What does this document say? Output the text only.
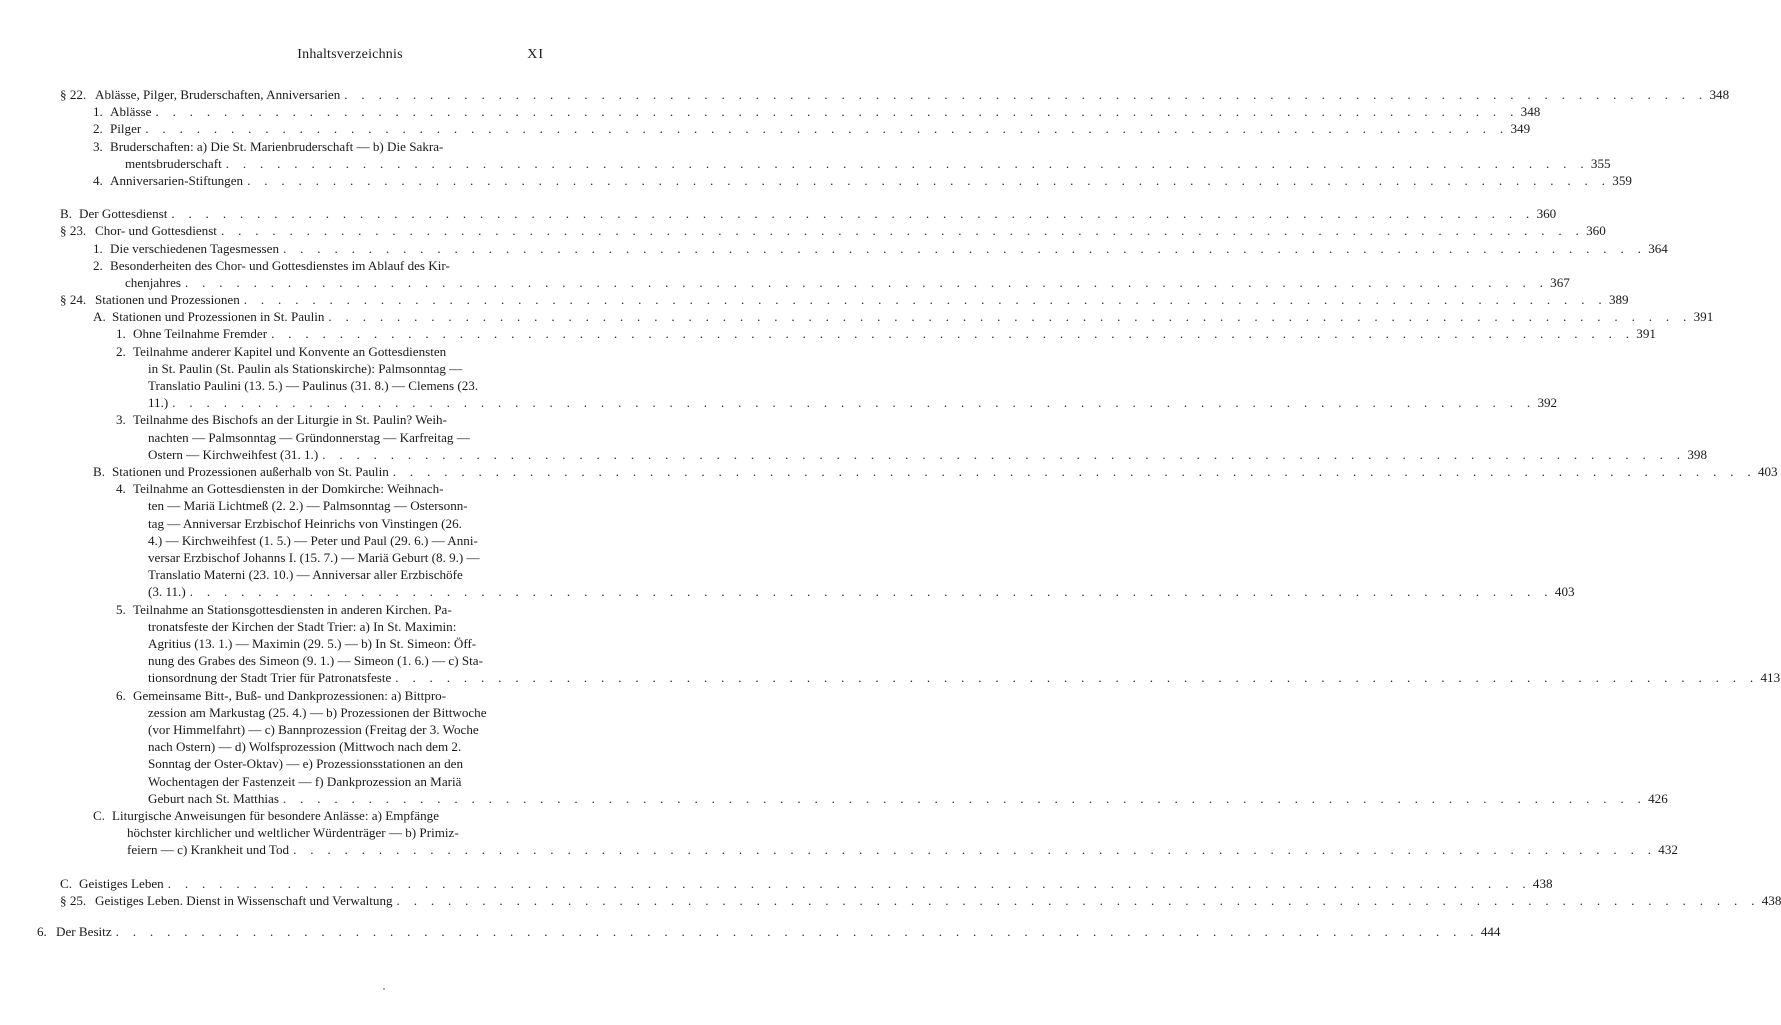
Inhaltsverzeichnis	XI
§ 22. Ablässe, Pilger, Bruderschaften, Anniversarien . . . . . . . . . . . . . . . . . . . . . . . . . . . . . . . . . . . . . . . . . . . . . . . . . . . . . . . . . . . . . . . . . . . . . . . . . . . . . . . . 348
1. Ablässe . . . . . . . . . . . . . . . . . . . . . . . . . . . . . . . . . . . . . . . . . . . . . . . . . . . . . . . . . . . . . . . . . . . . . . . . . . . . . . . . 348
2. Pilger . . . . . . . . . . . . . . . . . . . . . . . . . . . . . . . . . . . . . . . . . . . . . . . . . . . . . . . . . . . . . . . . . . . . . . . . . . . . . . . . 349
3. Bruderschaften: a) Die St. Marienbruderschaft — b) Die Sakra-
mentsbruderschaft . . . . . . . . . . . . . . . . . . . . . . . . . . . . . . . . . . . . . . . . . . . . . . . . . . . . . . . . . . . . . . . . . . . . . . . . . . . . . . . . 355
4. Anniversarien-Stiftungen . . . . . . . . . . . . . . . . . . . . . . . . . . . . . . . . . . . . . . . . . . . . . . . . . . . . . . . . . . . . . . . . . . . . . . . . . . . . . . . . 359
B. Der Gottesdienst . . . . . . . . . . . . . . . . . . . . . . . . . . . . . . . . . . . . . . . . . . . . . . . . . . . . . . . . . . . . . . . . . . . . . . . . . . . . . . . . 360
§ 23. Chor- und Gottesdienst . . . . . . . . . . . . . . . . . . . . . . . . . . . . . . . . . . . . . . . . . . . . . . . . . . . . . . . . . . . . . . . . . . . . . . . . . . . . . . . . 360
1. Die verschiedenen Tagesmessen . . . . . . . . . . . . . . . . . . . . . . . . . . . . . . . . . . . . . . . . . . . . . . . . . . . . . . . . . . . . . . . . . . . . . . . . . . . . . . . . 364
2. Besonderheiten des Chor- und Gottesdienstes im Ablauf des Kir-
chenjahres . . . . . . . . . . . . . . . . . . . . . . . . . . . . . . . . . . . . . . . . . . . . . . . . . . . . . . . . . . . . . . . . . . . . . . . . . . . . . . . . 367
§ 24. Stationen und Prozessionen . . . . . . . . . . . . . . . . . . . . . . . . . . . . . . . . . . . . . . . . . . . . . . . . . . . . . . . . . . . . . . . . . . . . . . . . . . . . . . . . 389
A. Stationen und Prozessionen in St. Paulin . . . . . . . . . . . . . . . . . . . . . . . . . . . . . . . . . . . . . . . . . . . . . . . . . . . . . . . . . . . . . . . . . . . . . . . . . . . . . . . . 391
1. Ohne Teilnahme Fremder . . . . . . . . . . . . . . . . . . . . . . . . . . . . . . . . . . . . . . . . . . . . . . . . . . . . . . . . . . . . . . . . . . . . . . . . . . . . . . . . 391
2. Teilnahme anderer Kapitel und Konvente an Gottesdiensten
in St. Paulin (St. Paulin als Stationskirche): Palmsonntag —
Translatio Paulini (13. 5.) — Paulinus (31. 8.) — Clemens (23.
11.) . . . . . . . . . . . . . . . . . . . . . . . . . . . . . . . . . . . . . . . . . . . . . . . . . . . . . . . . . . . . . . . . . . . . . . . . . . . . . . . . 392
3. Teilnahme des Bischofs an der Liturgie in St. Paulin? Weih-
nachten — Palmsonntag — Gründonnerstag — Karfreitag —
Ostern — Kirchweihfest (31. 1.) . . . . . . . . . . . . . . . . . . . . . . . . . . . . . . . . . . . . . . . . . . . . . . . . . . . . . . . . . . . . . . . . . . . . . . . . . . . . . . . . 398
B. Stationen und Prozessionen außerhalb von St. Paulin . . . . . . . . . . . . . . . . . . . . . . . . . . . . . . . . . . . . . . . . . . . . . . . . . . . . . . . . . . . . . . . . . . . . . . . . . . . . . . . . 403
4. Teilnahme an Gottesdiensten in der Domkirche: Weihnach-
ten — Mariä Lichtmeß (2. 2.) — Palmsonntag — Ostersonn-
tag — Anniversar Erzbischof Heinrichs von Vinstingen (26.
4.) — Kirchweihfest (1. 5.) — Peter und Paul (29. 6.) — Anni-
versar Erzbischof Johanns I. (15. 7.) — Mariä Geburt (8. 9.) —
Translatio Materni (23. 10.) — Anniversar aller Erzbischöfe
(3. 11.) . . . . . . . . . . . . . . . . . . . . . . . . . . . . . . . . . . . . . . . . . . . . . . . . . . . . . . . . . . . . . . . . . . . . . . . . . . . . . . . . 403
5. Teilnahme an Stationsgottesdiensten in anderen Kirchen. Pa-
tronatsfeste der Kirchen der Stadt Trier: a) In St. Maximin:
Agritius (13. 1.) — Maximin (29. 5.) — b) In St. Simeon: Öff-
nung des Grabes des Simeon (9. 1.) — Simeon (1. 6.) — c) Sta-
tionsordnung der Stadt Trier für Patronatsfeste . . . . . . . . . . . . . . . . . . . . . . . . . . . . . . . . . . . . . . . . . . . . . . . . . . . . . . . . . . . . . . . . . . . . . . . . . . . . . . . . 413
6. Gemeinsame Bitt-, Buß- und Dankprozessionen: a) Bittpro-
zession am Markustag (25. 4.) — b) Prozessionen der Bittwoche
(vor Himmelfahrt) — c) Bannprozession (Freitag der 3. Woche
nach Ostern) — d) Wolfsprozession (Mittwoch nach dem 2.
Sonntag der Oster-Oktav) — e) Prozessionsstationen an den
Wochentagen der Fastenzeit — f) Dankprozession an Mariä
Geburt nach St. Matthias . . . . . . . . . . . . . . . . . . . . . . . . . . . . . . . . . . . . . . . . . . . . . . . . . . . . . . . . . . . . . . . . . . . . . . . . . . . . . . . . 426
C. Liturgische Anweisungen für besondere Anlässe: a) Empfänge
höchster kirchlicher und weltlicher Würdenträger — b) Primiz-
feiern — c) Krankheit und Tod . . . . . . . . . . . . . . . . . . . . . . . . . . . . . . . . . . . . . . . . . . . . . . . . . . . . . . . . . . . . . . . . . . . . . . . . . . . . . . . . 432
C. Geistiges Leben . . . . . . . . . . . . . . . . . . . . . . . . . . . . . . . . . . . . . . . . . . . . . . . . . . . . . . . . . . . . . . . . . . . . . . . . . . . . . . . . 438
§ 25. Geistiges Leben. Dienst in Wissenschaft und Verwaltung . . . . . . . . . . . . . . . . . . . . . . . . . . . . . . . . . . . . . . . . . . . . . . . . . . . . . . . . . . . . . . . . . . . . . . . . . . . . . . . . 438
6. Der Besitz . . . . . . . . . . . . . . . . . . . . . . . . . . . . . . . . . . . . . . . . . . . . . . . . . . . . . . . . . . . . . . . . . . . . . . . . . . . . . . . . 444
